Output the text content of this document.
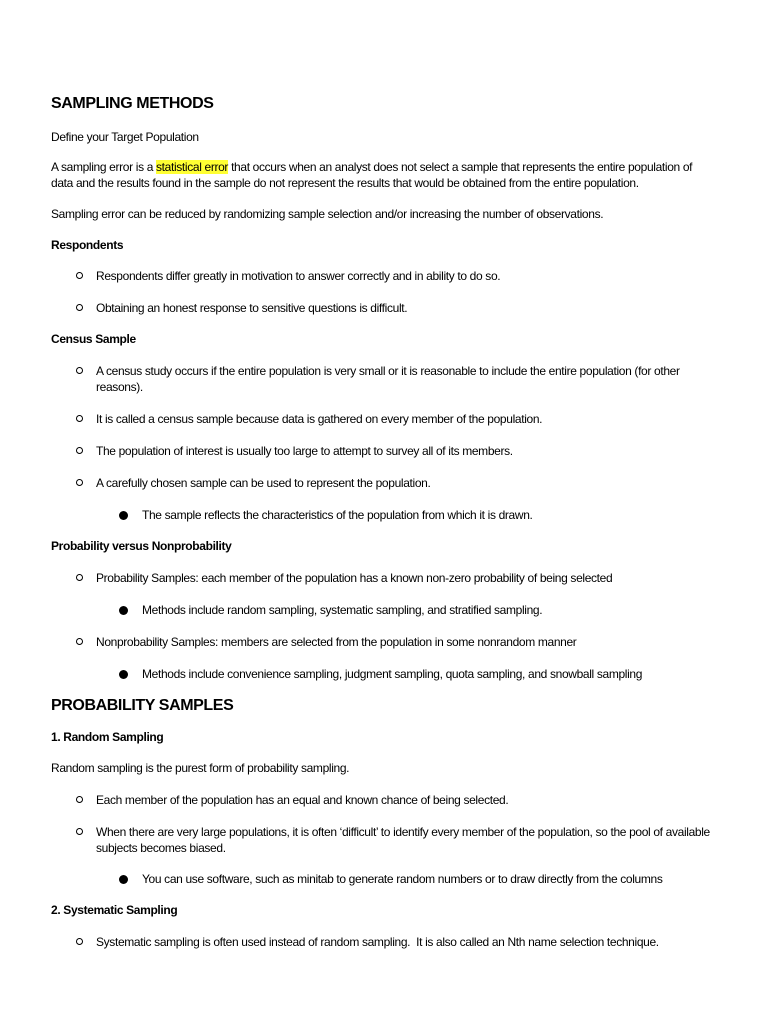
SAMPLING METHODS
Define your Target Population
A sampling error is a statistical error that occurs when an analyst does not select a sample that represents the entire population of
data and the results found in the sample do not represent the results that would be obtained from the entire population.
Sampling error can be reduced by randomizing sample selection and/or increasing the number of observations.
Respondents
Respondents differ greatly in motivation to answer correctly and in ability to do so.
Obtaining an honest response to sensitive questions is difficult.
Census Sample
A census study occurs if the entire population is very small or it is reasonable to include the entire population (for other
reasons).
It is called a census sample because data is gathered on every member of the population.
The population of interest is usually too large to attempt to survey all of its members.
A carefully chosen sample can be used to represent the population.
The sample reflects the characteristics of the population from which it is drawn.
Probability versus Nonprobability
Probability Samples: each member of the population has a known non-zero probability of being selected
Methods include random sampling, systematic sampling, and stratified sampling.
Nonprobability Samples: members are selected from the population in some nonrandom manner
Methods include convenience sampling, judgment sampling, quota sampling, and snowball sampling
PROBABILITY SAMPLES
1. Random Sampling
Random sampling is the purest form of probability sampling.
Each member of the population has an equal and known chance of being selected.
When there are very large populations, it is often ‘difficult’ to identify every member of the population, so the pool of available
subjects becomes biased.
You can use software, such as minitab to generate random numbers or to draw directly from the columns
2. Systematic Sampling
Systematic sampling is often used instead of random sampling.  It is also called an Nth name selection technique.
